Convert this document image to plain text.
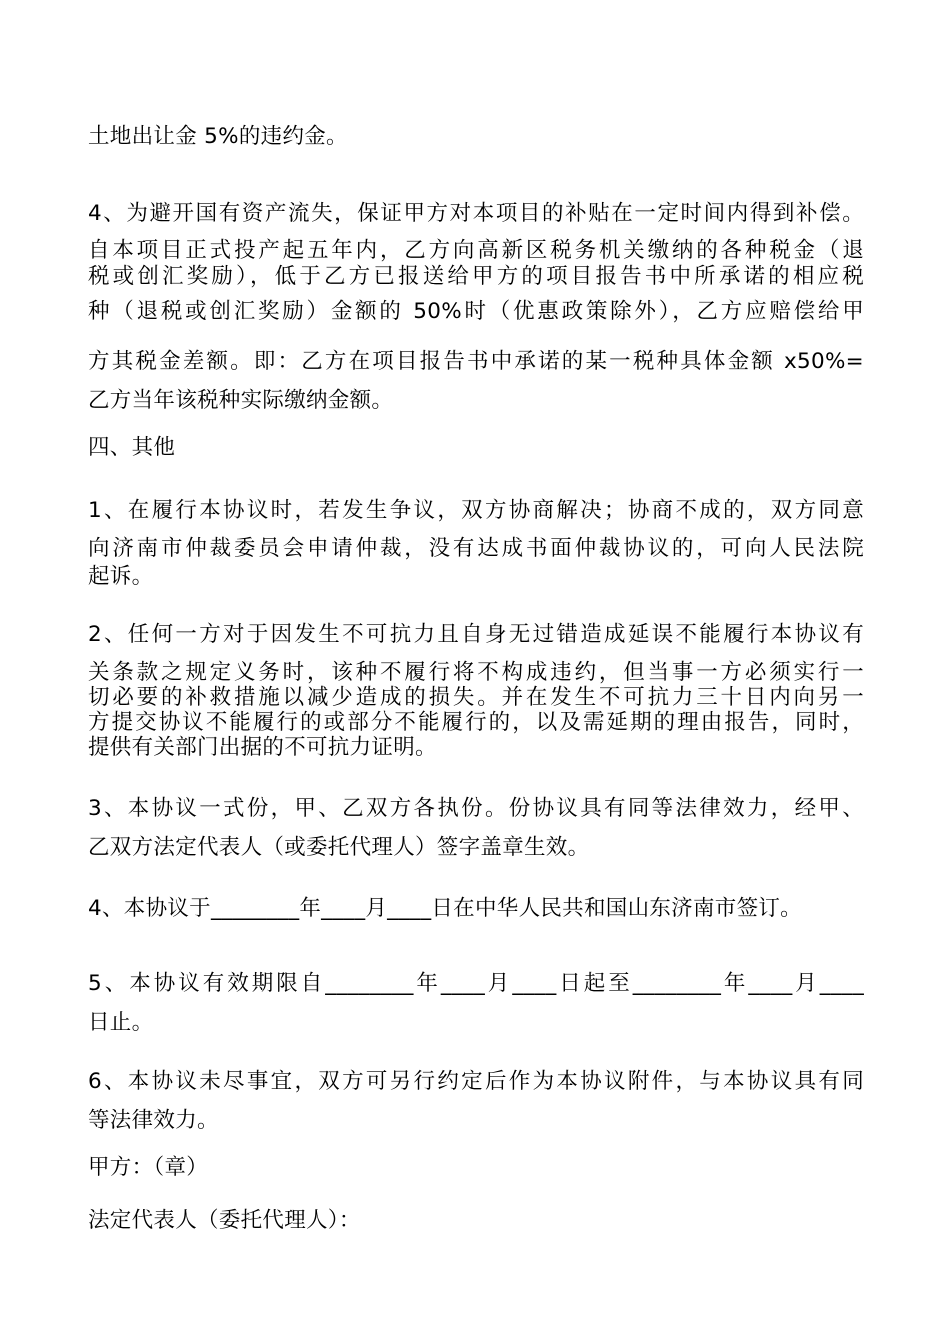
土地出让金 5%的违约金。
4、为避开国有资产流失，保证甲方对本项目的补贴在一定时间内得到补偿。
自本项目正式投产起五年内，乙方向高新区税务机关缴纳的各种税金（退
税或创汇奖励），低于乙方已报送给甲方的项目报告书中所承诺的相应税
种（退税或创汇奖励）金额的 50%时（优惠政策除外），乙方应赔偿给甲
方其税金差额。即：乙方在项目报告书中承诺的某一税种具体金额 x50%=
乙方当年该税种实际缴纳金额。
四、其他
1、在履行本协议时，若发生争议，双方协商解决；协商不成的，双方同意
向济南市仲裁委员会申请仲裁，没有达成书面仲裁协议的，可向人民法院
起诉。
2、任何一方对于因发生不可抗力且自身无过错造成延误不能履行本协议有
关条款之规定义务时，该种不履行将不构成违约，但当事一方必须实行一
切必要的补救措施以减少造成的损失。并在发生不可抗力三十日内向另一
方提交协议不能履行的或部分不能履行的，以及需延期的理由报告，同时，
提供有关部门出据的不可抗力证明。
3、本协议一式份，甲、乙双方各执份。份协议具有同等法律效力，经甲、
乙双方法定代表人（或委托代理人）签字盖章生效。
4、本协议于________年____月____日在中华人民共和国山东济南市签订。
5、本协议有效期限自________年____月____日起至________年____月____
日止。
6、本协议未尽事宜，双方可另行约定后作为本协议附件，与本协议具有同
等法律效力。
甲方：（章）
法定代表人（委托代理人）：
